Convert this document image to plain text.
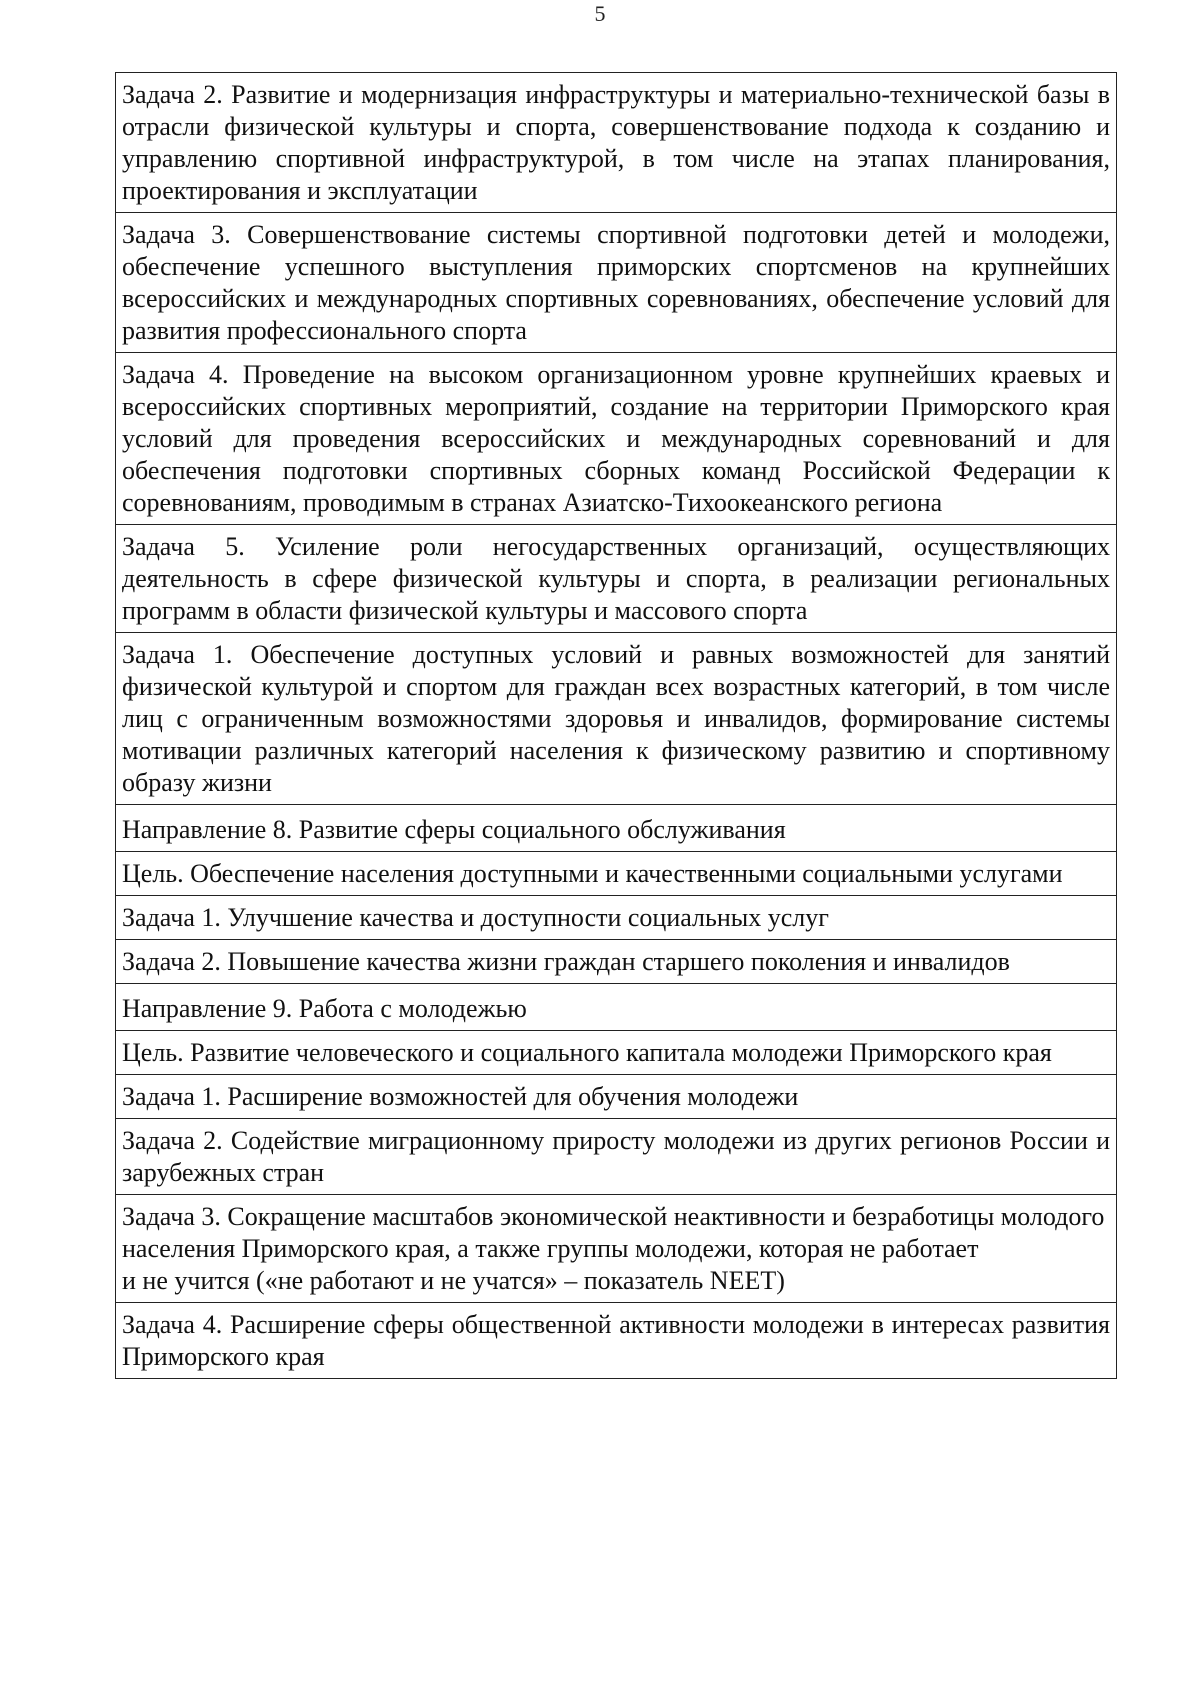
5
Задача 2. Развитие и модернизация инфраструктуры и материально-технической базы в отрасли физической культуры и спорта, совершенствование подхода к созданию и управлению спортивной инфраструктурой, в том числе на этапах планирования, проектирования и эксплуатации
Задача 3. Совершенствование системы спортивной подготовки детей и молодежи, обеспечение успешного выступления приморских спортсменов на крупнейших всероссийских и международных спортивных соревнованиях, обеспечение условий для развития профессионального спорта
Задача 4. Проведение на высоком организационном уровне крупнейших краевых и всероссийских спортивных мероприятий, создание на территории Приморского края условий для проведения всероссийских и международных соревнований и для обеспечения подготовки спортивных сборных команд Российской Федерации к соревнованиям, проводимым в странах Азиатско-Тихоокеанского региона
Задача 5. Усиление роли негосударственных организаций, осуществляющих деятельность в сфере физической культуры и спорта, в реализации региональных программ в области физической культуры и массового спорта
Задача 1. Обеспечение доступных условий и равных возможностей для занятий физической культурой и спортом для граждан всех возрастных категорий, в том числе лиц с ограниченным возможностями здоровья и инвалидов, формирование системы мотивации различных категорий населения к физическому развитию и спортивному образу жизни
Направление 8. Развитие сферы социального обслуживания
Цель. Обеспечение населения доступными и качественными социальными услугами
Задача 1. Улучшение качества и доступности социальных услуг
Задача 2. Повышение качества жизни граждан старшего поколения и инвалидов
Направление 9. Работа с молодежью
Цель. Развитие человеческого и социального капитала молодежи Приморского края
Задача 1. Расширение возможностей для обучения молодежи
Задача 2. Содействие миграционному приросту молодежи из других регионов России и зарубежных стран
Задача 3. Сокращение масштабов экономической неактивности и безработицы молодого населения Приморского края, а также группы молодежи, которая не работает
и не учится («не работают и не учатся» – показатель NEET)
Задача 4. Расширение сферы общественной активности молодежи в интересах развития Приморского края
